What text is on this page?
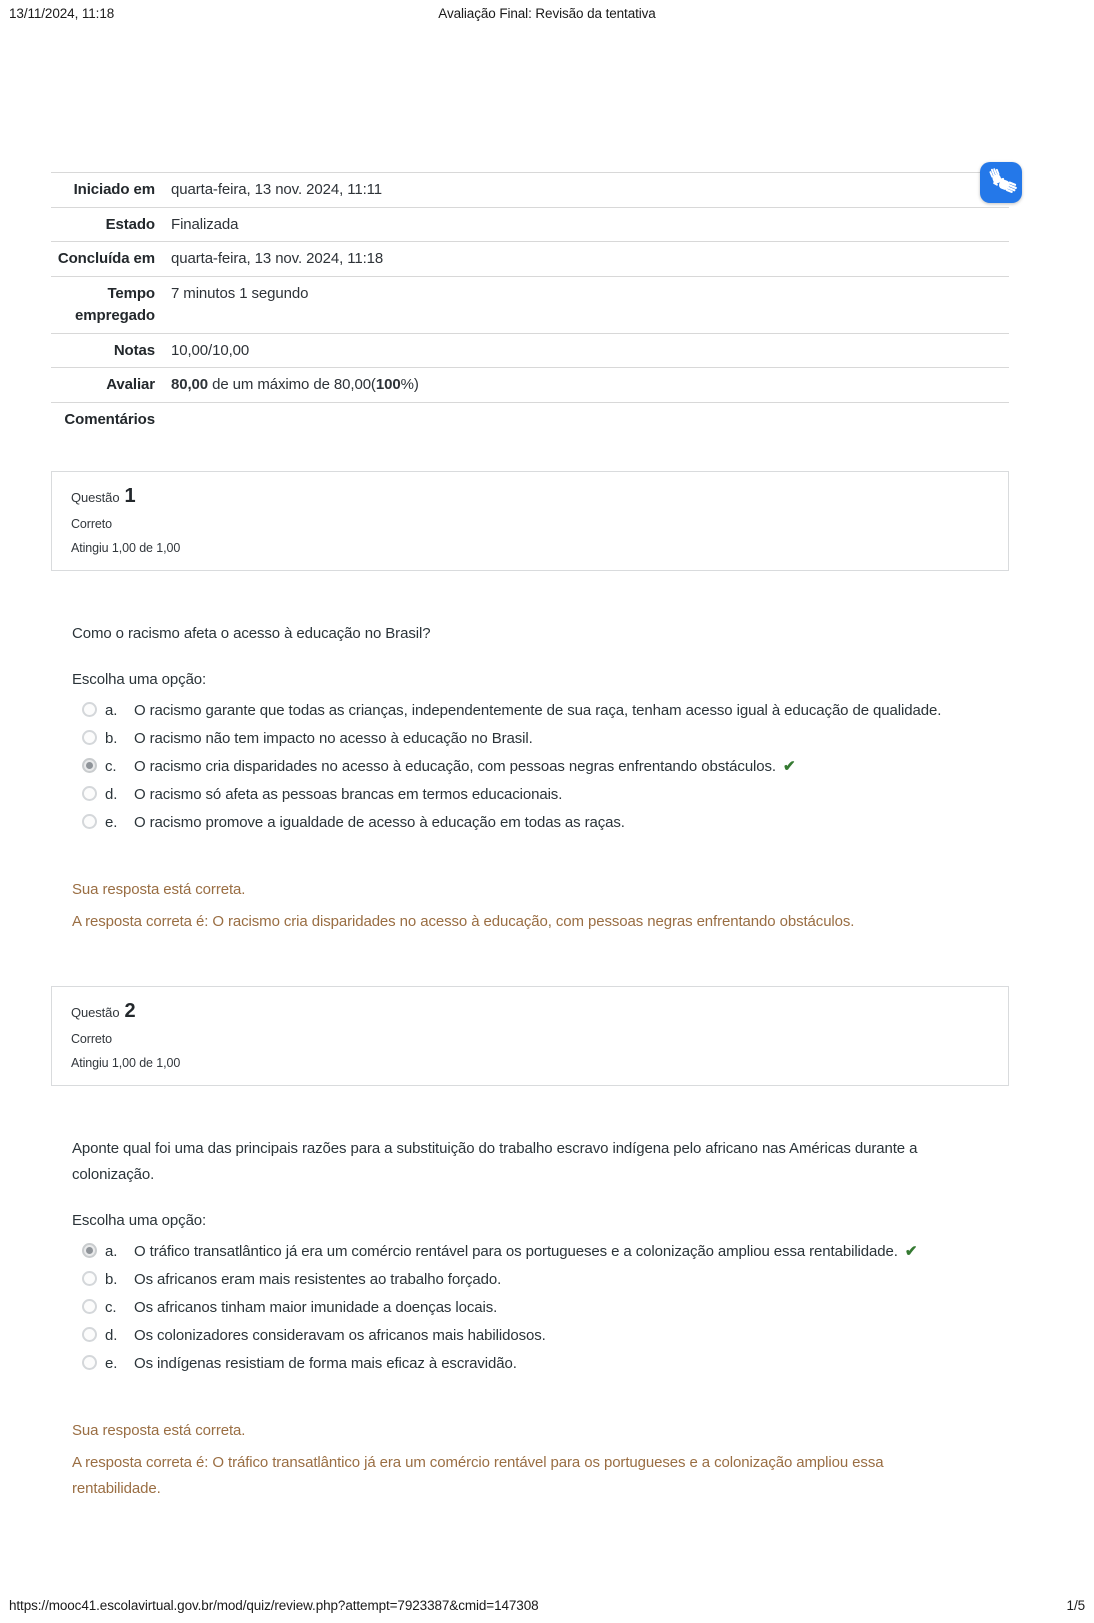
13/11/2024, 11:18	Avaliação Final: Revisão da tentativa
Iniciado em quarta-feira, 13 nov. 2024, 11:11
Estado Finalizada
Concluída em quarta-feira, 13 nov. 2024, 11:18
Tempo empregado
7 minutos 1 segundo
Notas 10,00/10,00
Avaliar 80,00 de um máximo de 80,00(100%)
Comentários
Questão 1
Correto
Atingiu 1,00 de 1,00
Como o racismo afeta o acesso à educação no Brasil?
Escolha uma opção:
a.	O racismo garante que todas as crianças, independentemente de sua raça, tenham acesso igual à educação de qualidade.
b.	O racismo não tem impacto no acesso à educação no Brasil.
c.	O racismo cria disparidades no acesso à educação, com pessoas negras enfrentando obstáculos. ✔
d.	O racismo só afeta as pessoas brancas em termos educacionais.
e.	O racismo promove a igualdade de acesso à educação em todas as raças.
Sua resposta está correta.
A resposta correta é: O racismo cria disparidades no acesso à educação, com pessoas negras enfrentando obstáculos.
Questão 2
Correto
Atingiu 1,00 de 1,00
Aponte qual foi uma das principais razões para a substituição do trabalho escravo indígena pelo africano nas Américas durante a colonização.
Escolha uma opção:
a.	O tráfico transatlântico já era um comércio rentável para os portugueses e a colonização ampliou essa rentabilidade. ✔
b.	Os africanos eram mais resistentes ao trabalho forçado.
c.	Os africanos tinham maior imunidade a doenças locais.
d.	Os colonizadores consideravam os africanos mais habilidosos.
e.	Os indígenas resistiam de forma mais eficaz à escravidão.
Sua resposta está correta.
A resposta correta é: O tráfico transatlântico já era um comércio rentável para os portugueses e a colonização ampliou essa rentabilidade.
https://mooc41.escolavirtual.gov.br/mod/quiz/review.php?attempt=7923387&cmid=147308	1/5
